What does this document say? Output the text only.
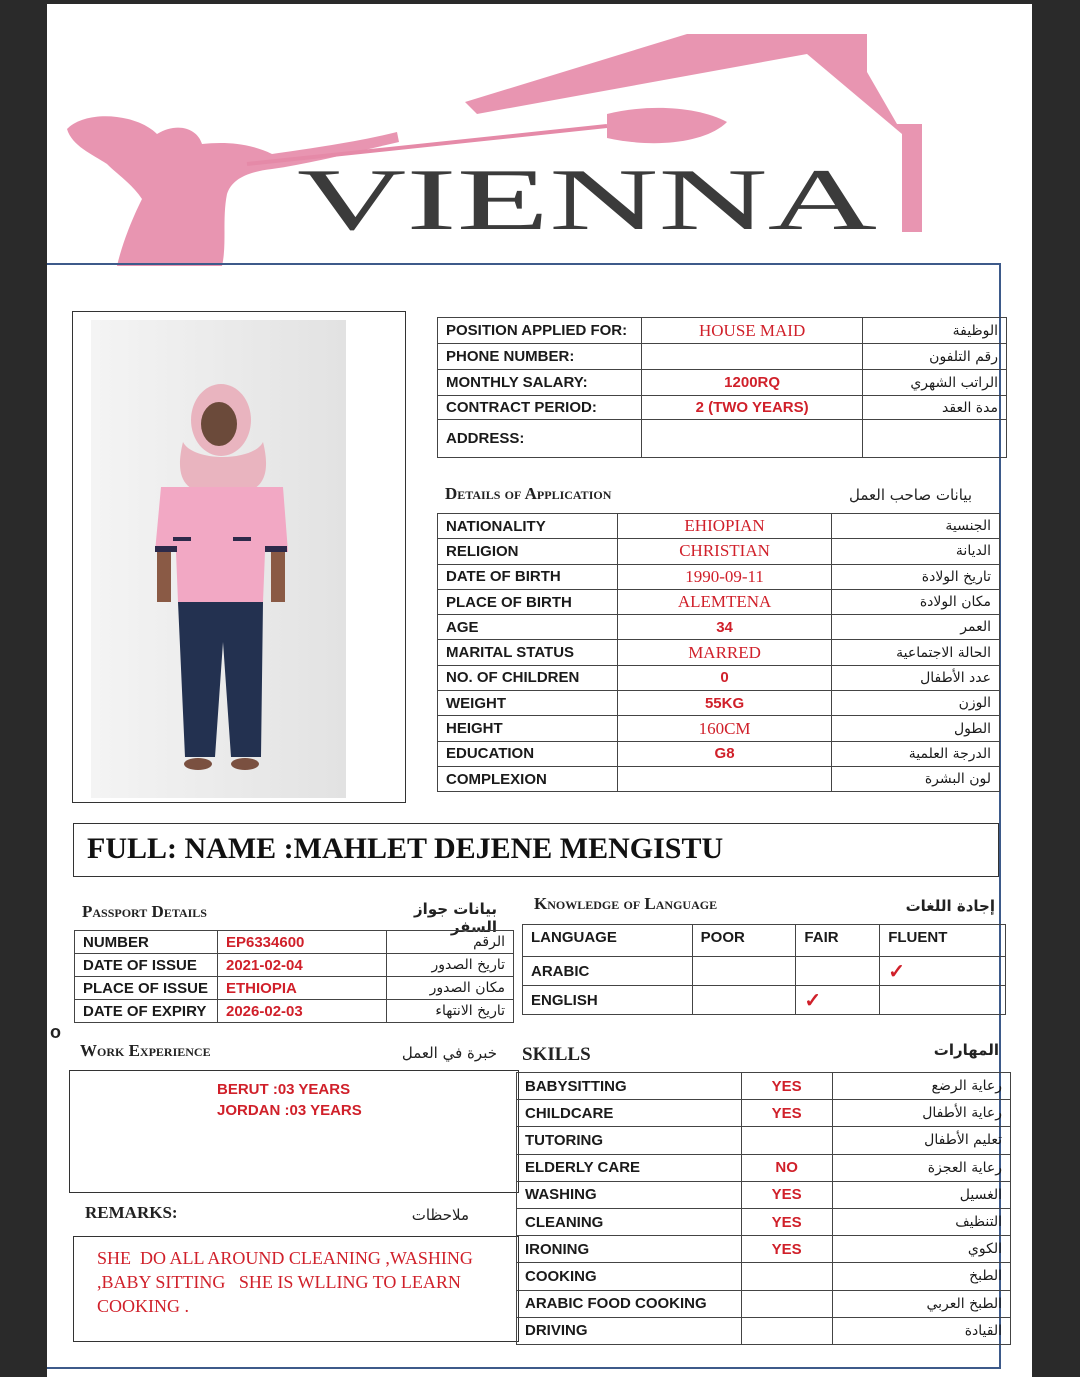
VIENNA
POSITION APPLIED FOR:	HOUSE MAID	الوظيفة
PHONE NUMBER:		رقم التلفون
MONTHLY SALARY:	1200RQ	الراتب الشهري
CONTRACT PERIOD:	2 (TWO YEARS)	مدة العقد
ADDRESS:		
Details of Application	بيانات صاحب العمل
NATIONALITY	EHIOPIAN	الجنسية
RELIGION	CHRISTIAN	الديانة
DATE OF BIRTH	1990-09-11	تاريخ الولادة
PLACE OF BIRTH	ALEMTENA	مكان الولادة
AGE	34	العمر
MARITAL STATUS	MARRED	الحالة الاجتماعية
NO. OF CHILDREN	0	عدد الأطفال
WEIGHT	55KG	الوزن
HEIGHT	160CM	الطول
EDUCATION	G8	الدرجة العلمية
COMPLEXION		لون البشرة
FULL: NAME :MAHLET DEJENE MENGISTU
Passport Details	بيانات جواز السفر
NUMBER	EP6334600	الرقم
DATE OF ISSUE	2021-02-04	تاريخ الصدور
PLACE OF ISSUE	ETHIOPIA	مكان الصدور
DATE OF EXPIRY	2026-02-03	تاريخ الانتهاء
Knowledge of Language	إجادة اللغات
LANGUAGE	POOR	FAIR	FLUENT
ARABIC			✓
ENGLISH		✓	
o
Work Experience	خبرة في العمل
BERUT :03 YEARS
JORDAN :03 YEARS
REMARKS:	ملاحظات
SHE  DO ALL AROUND CLEANING ,WASHING
,BABY SITTING   SHE IS WLLING TO LEARN
COOKING .
SKILLS	المهارات
BABYSITTING	YES	رعاية الرضع
CHILDCARE	YES	رعاية الأطفال
TUTORING		تعليم الأطفال
ELDERLY CARE	NO	رعاية العجزة
WASHING	YES	الغسيل
CLEANING	YES	التنظيف
IRONING	YES	الكوي
COOKING		الطبخ
ARABIC FOOD COOKING		الطبخ العربي
DRIVING		القيادة
